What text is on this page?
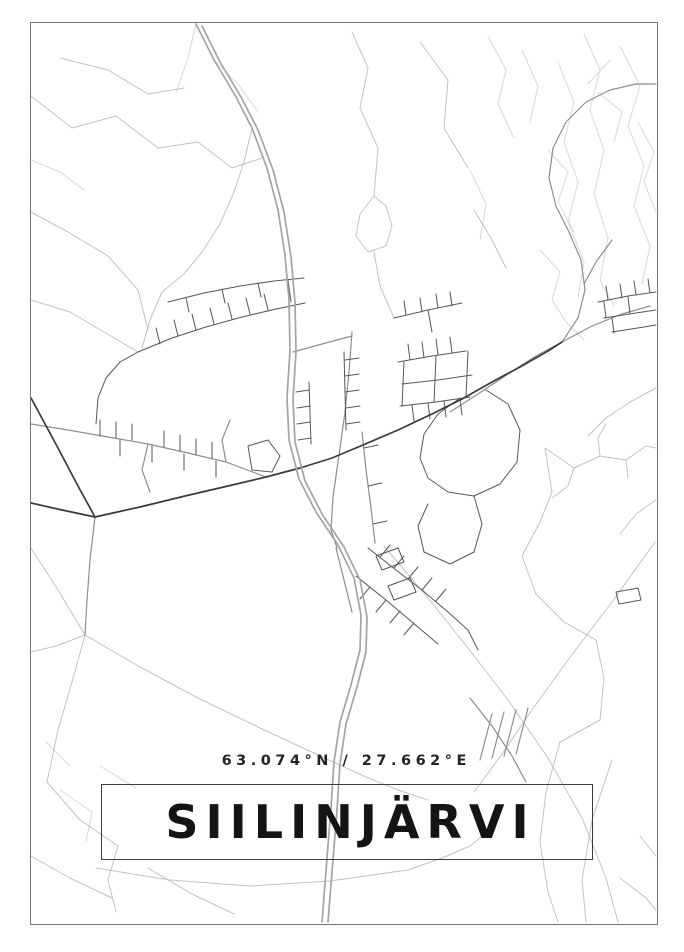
63.074°N / 27.662°E
SIILINJÄRVI
